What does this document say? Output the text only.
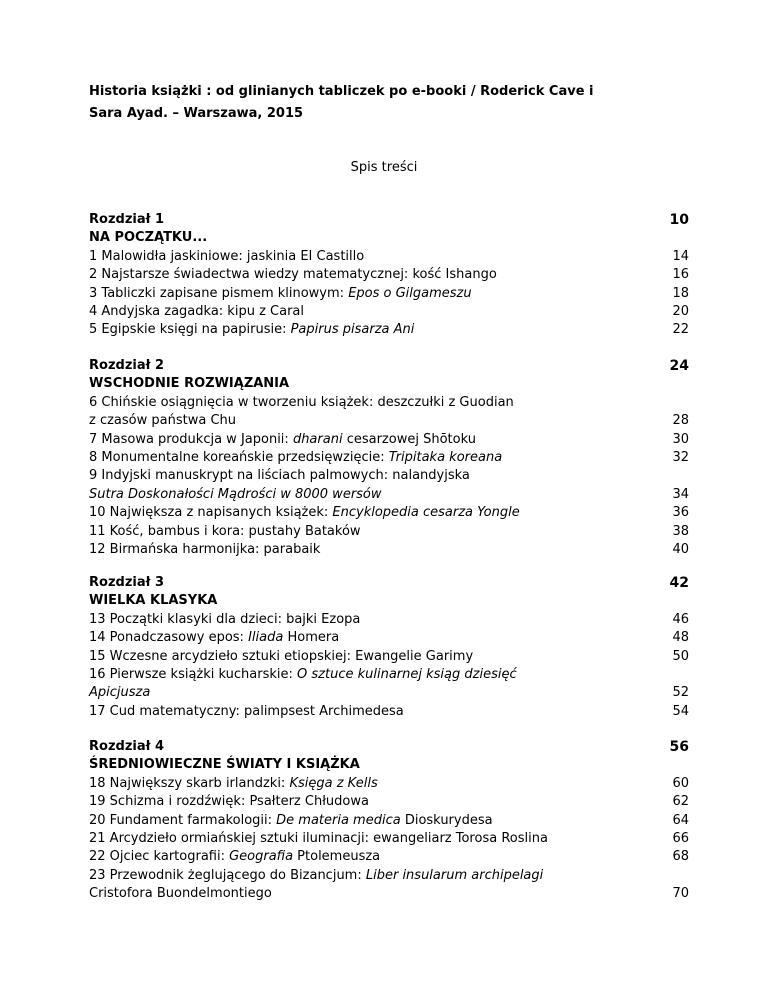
Historia książki : od glinianych tabliczek po e-booki / Roderick Cave i
Sara Ayad. – Warszawa, 2015
Spis treści
Rozdział 1	10
NA POCZĄTKU...
1 Malowidła jaskiniowe: jaskinia EI Castillo	14
2 Najstarsze świadectwa wiedzy matematycznej: kość Ishango	16
3 Tabliczki zapisane pismem klinowym: Epos o Gilgameszu	18
4 Andyjska zagadka: kipu z Caral	20
5 Egipskie księgi na papirusie: Papirus pisarza Ani	22
Rozdział 2	24
WSCHODNIE ROZWIĄZANIA
6 Chińskie osiągnięcia w tworzeniu książek: deszczułki z Guodian
z czasów państwa Chu	28
7 Masowa produkcja w Japonii: dharani cesarzowej Shōtoku	30
8 Monumentalne koreańskie przedsięwzięcie: Tripitaka koreana	32
9 Indyjski manuskrypt na liściach palmowych: nalandyjska
Sutra Doskonałości Mądrości w 8000 wersów	34
10 Największa z napisanych książek: Encyklopedia cesarza Yongle	36
11 Kość, bambus i kora: pustahy Bataków	38
12 Birmańska harmonijka: parabaik	40
Rozdział 3	42
WIELKA KLASYKA
13 Początki klasyki dla dzieci: bajki Ezopa	46
14 Ponadczasowy epos: Iliada Homera	48
15 Wczesne arcydzieło sztuki etiopskiej: Ewangelie Garimy	50
16 Pierwsze książki kucharskie: O sztuce kulinarnej ksiąg dziesięć
Apicjusza	52
17 Cud matematyczny: palimpsest Archimedesa	54
Rozdział 4	56
ŚREDNIOWIECZNE ŚWIATY I KSIĄŻKA
18 Największy skarb irlandzki: Księga z Kells	60
19 Schizma i rozdźwięk: Psałterz Chłudowa	62
20 Fundament farmakologii: De materia medica Dioskurydesa	64
21 Arcydzieło ormiańskiej sztuki iluminacji: ewangeliarz Torosa Roslina	66
22 Ojciec kartografii: Geografia Ptolemeusza	68
23 Przewodnik żeglującego do Bizancjum: Liber insularum archipelagi
Cristofora Buondelmontiego	70
